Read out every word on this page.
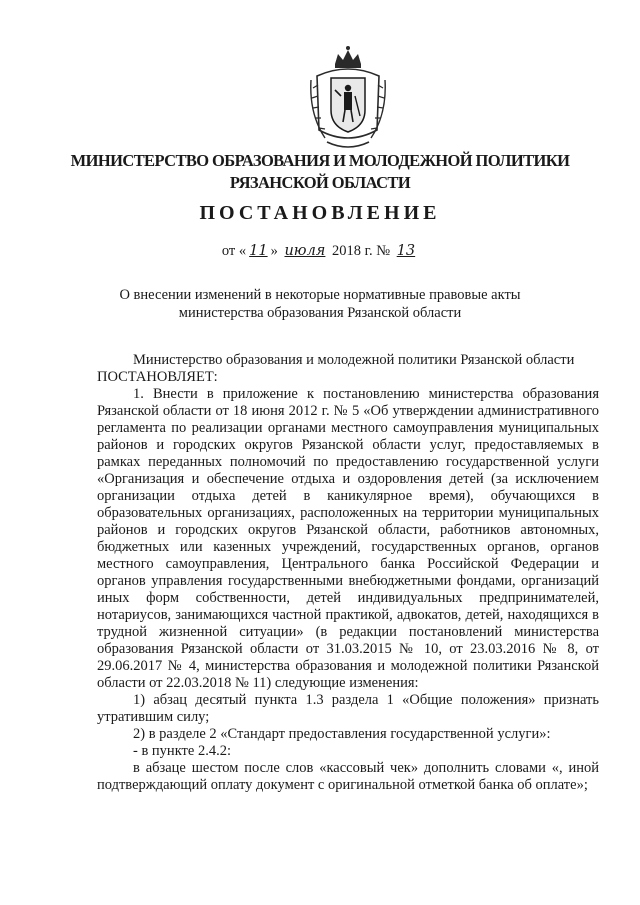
МИНИСТЕРСТВО ОБРАЗОВАНИЯ И МОЛОДЕЖНОЙ ПОЛИТИКИ
РЯЗАНСКОЙ ОБЛАСТИ
ПОСТАНОВЛЕНИЕ
от « 11 » июля 2018 г. № 13
О внесении изменений в некоторые нормативные правовые акты
министерства образования Рязанской области

Министерство образования и молодежной политики Рязанской области

ПОСТАНОВЛЯЕТ:

1. Внести в приложение к постановлению министерства образования Рязанской области от 18 июня 2012 г. № 5 «Об утверждении административного регламента по реализации органами местного самоуправления муниципальных районов и городских округов Рязанской области услуг, предоставляемых в рамках переданных полномочий по предоставлению государственной услуги «Организация и обеспечение отдыха и оздоровления детей (за исключением организации отдыха детей в каникулярное время), обучающихся в образовательных организациях, расположенных на территории муниципальных районов и городских округов Рязанской области, работников автономных, бюджетных или казенных учреждений, государственных органов, органов местного самоуправления, Центрального банка Российской Федерации и органов управления государственными внебюджетными фондами, организаций иных форм собственности, детей индивидуальных предпринимателей, нотариусов, занимающихся частной практикой, адвокатов, детей, находящихся в трудной жизненной ситуации» (в редакции постановлений министерства образования Рязанской области от 31.03.2015 № 10, от 23.03.2016 № 8, от 29.06.2017 № 4, министерства образования и молодежной политики Рязанской области от 22.03.2018 № 11) следующие изменения:

1) абзац десятый пункта 1.3 раздела 1 «Общие положения» признать утратившим силу;

2) в разделе 2 «Стандарт предоставления государственной услуги»:

- в пункте 2.4.2:

в абзаце шестом после слов «кассовый чек» дополнить словами «, иной подтверждающий оплату документ с оригинальной отметкой банка об оплате»;
